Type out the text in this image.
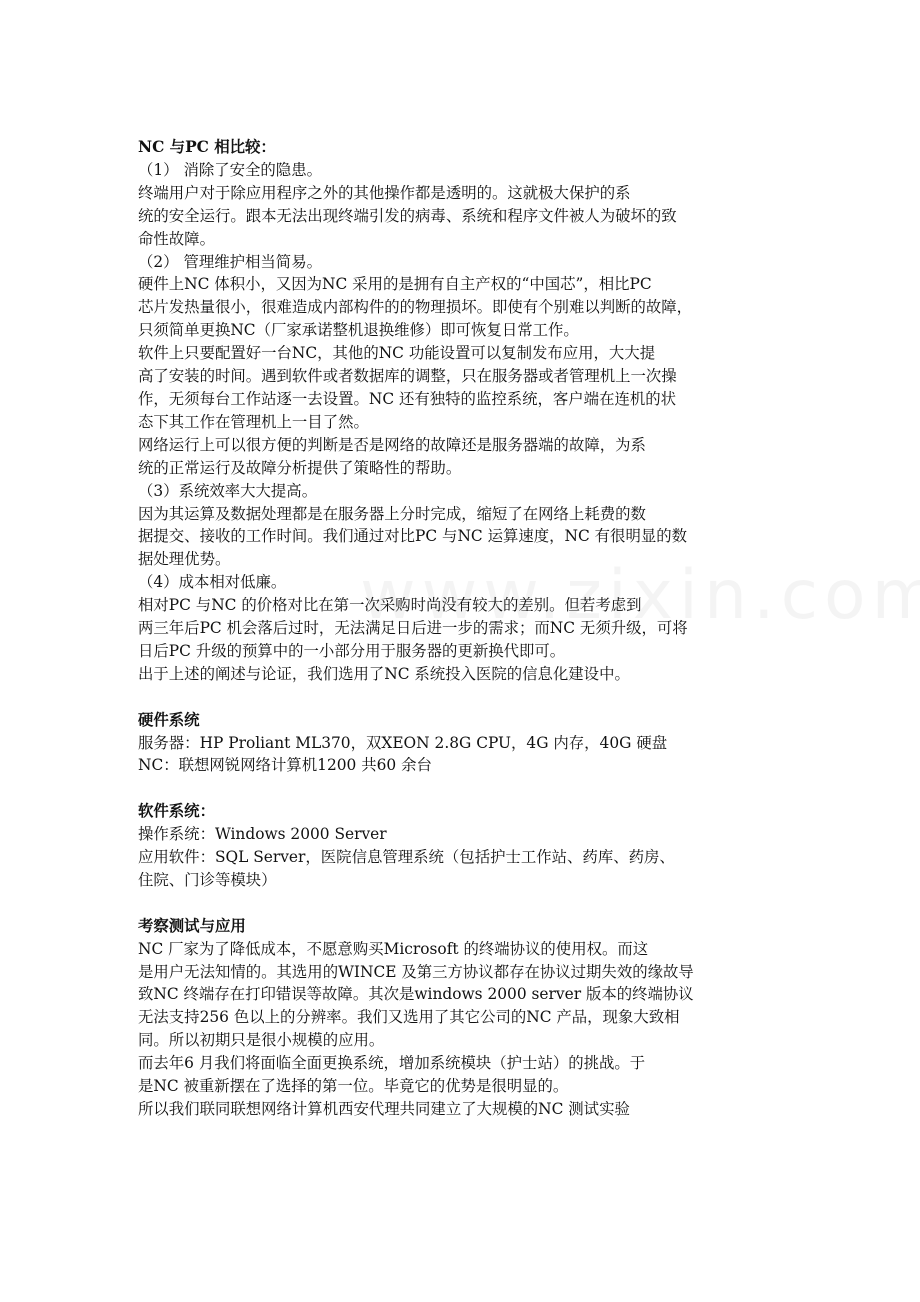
NC 与PC 相比较：
（1） 消除了安全的隐患。
终端用户对于除应用程序之外的其他操作都是透明的。这就极大保护的系
统的安全运行。跟本无法出现终端引发的病毒、系统和程序文件被人为破坏的致
命性故障。
（2） 管理维护相当简易。
硬件上NC 体积小，又因为NC 采用的是拥有自主产权的“中国芯”，相比PC
芯片发热量很小，很难造成内部构件的的物理损坏。即使有个别难以判断的故障，
只须简单更换NC（厂家承诺整机退换维修）即可恢复日常工作。
软件上只要配置好一台NC，其他的NC 功能设置可以复制发布应用，大大提
高了安装的时间。遇到软件或者数据库的调整，只在服务器或者管理机上一次操
作，无须每台工作站逐一去设置。NC 还有独特的监控系统，客户端在连机的状
态下其工作在管理机上一目了然。
网络运行上可以很方便的判断是否是网络的故障还是服务器端的故障，为系
统的正常运行及故障分析提供了策略性的帮助。
（3）系统效率大大提高。
因为其运算及数据处理都是在服务器上分时完成，缩短了在网络上耗费的数
据提交、接收的工作时间。我们通过对比PC 与NC 运算速度，NC 有很明显的数
据处理优势。
（4）成本相对低廉。
相对PC 与NC 的价格对比在第一次采购时尚没有较大的差别。但若考虑到
两三年后PC 机会落后过时，无法满足日后进一步的需求；而NC 无须升级，可将
日后PC 升级的预算中的一小部分用于服务器的更新换代即可。
出于上述的阐述与论证，我们选用了NC 系统投入医院的信息化建设中。
硬件系统
服务器：HP Proliant ML370，双XEON 2.8G CPU，4G 内存，40G 硬盘
NC：联想网锐网络计算机1200 共60 余台
软件系统：
操作系统：Windows 2000 Server
应用软件：SQL Server，医院信息管理系统（包括护士工作站、药库、药房、
住院、门诊等模块）
考察测试与应用
NC 厂家为了降低成本，不愿意购买Microsoft 的终端协议的使用权。而这
是用户无法知情的。其选用的WINCE 及第三方协议都存在协议过期失效的缘故导
致NC 终端存在打印错误等故障。其次是windows 2000 server 版本的终端协议
无法支持256 色以上的分辨率。我们又选用了其它公司的NC 产品，现象大致相
同。所以初期只是很小规模的应用。
而去年6 月我们将面临全面更换系统，增加系统模块（护士站）的挑战。于
是NC 被重新摆在了选择的第一位。毕竟它的优势是很明显的。
所以我们联同联想网络计算机西安代理共同建立了大规模的NC 测试实验
